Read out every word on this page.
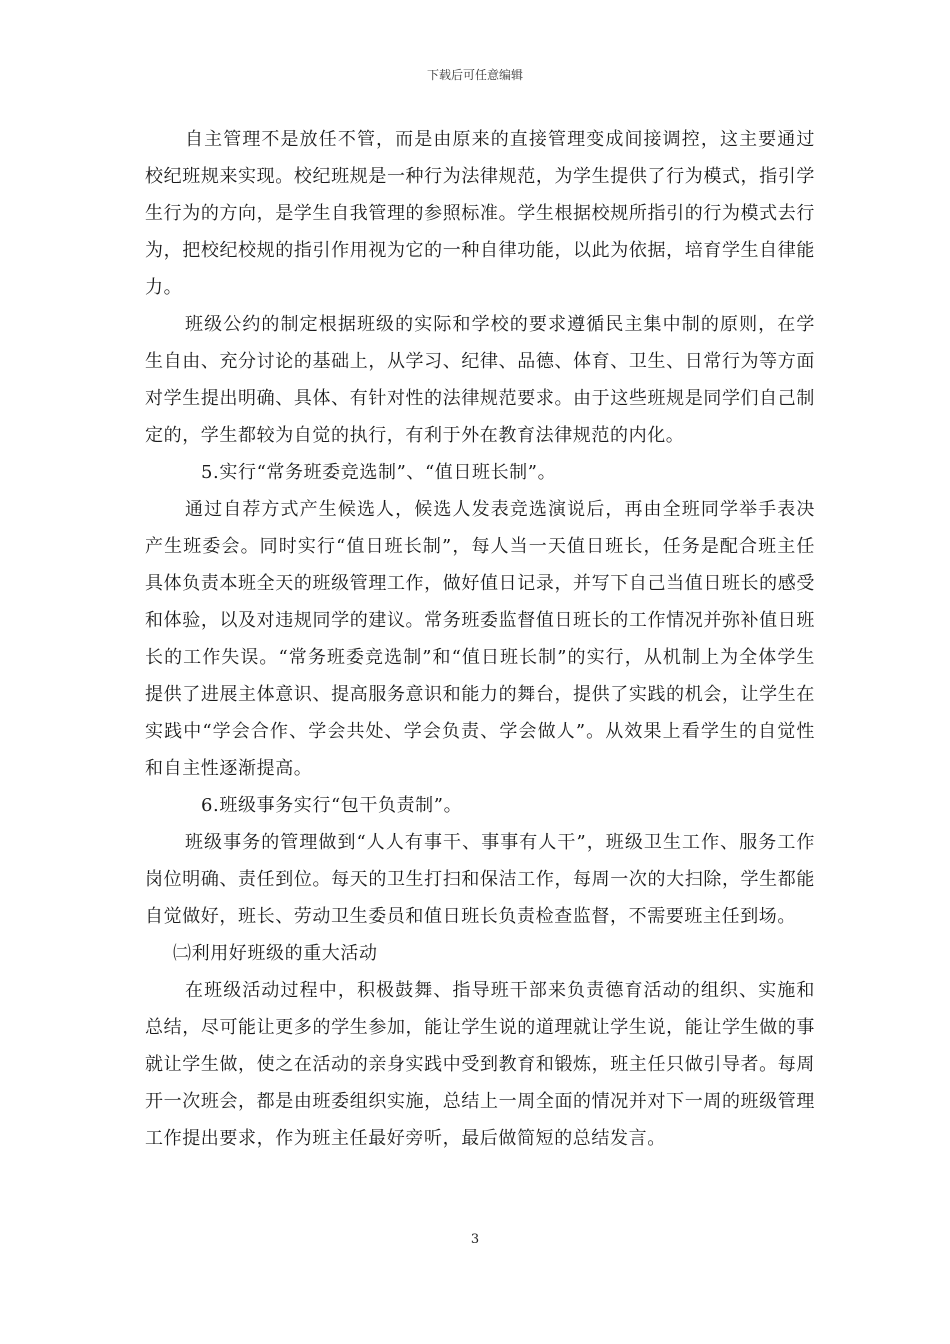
下载后可任意编辑

自主管理不是放任不管，而是由原来的直接管理变成间接调控，这主要通过校纪班规来实现。校纪班规是一种行为法律规范，为学生提供了行为模式，指引学生行为的方向，是学生自我管理的参照标准。学生根据校规所指引的行为模式去行为，把校纪校规的指引作用视为它的一种自律功能，以此为依据，培育学生自律能力。

班级公约的制定根据班级的实际和学校的要求遵循民主集中制的原则，在学生自由、充分讨论的基础上，从学习、纪律、品德、体育、卫生、日常行为等方面对学生提出明确、具体、有针对性的法律规范要求。由于这些班规是同学们自己制定的，学生都较为自觉的执行，有利于外在教育法律规范的内化。

5.实行“常务班委竞选制”、“值日班长制”。

通过自荐方式产生候选人，候选人发表竞选演说后，再由全班同学举手表决产生班委会。同时实行“值日班长制”，每人当一天值日班长，任务是配合班主任具体负责本班全天的班级管理工作，做好值日记录，并写下自己当值日班长的感受和体验，以及对违规同学的建议。常务班委监督值日班长的工作情况并弥补值日班长的工作失误。“常务班委竞选制”和“值日班长制”的实行，从机制上为全体学生提供了进展主体意识、提高服务意识和能力的舞台，提供了实践的机会，让学生在实践中“学会合作、学会共处、学会负责、学会做人”。从效果上看学生的自觉性和自主性逐渐提高。

6.班级事务实行“包干负责制”。

班级事务的管理做到“人人有事干、事事有人干”，班级卫生工作、服务工作岗位明确、责任到位。每天的卫生打扫和保洁工作，每周一次的大扫除，学生都能自觉做好，班长、劳动卫生委员和值日班长负责检查监督，不需要班主任到场。

㈡利用好班级的重大活动

在班级活动过程中，积极鼓舞、指导班干部来负责德育活动的组织、实施和总结，尽可能让更多的学生参加，能让学生说的道理就让学生说，能让学生做的事就让学生做，使之在活动的亲身实践中受到教育和锻炼，班主任只做引导者。每周开一次班会，都是由班委组织实施，总结上一周全面的情况并对下一周的班级管理工作提出要求，作为班主任最好旁听，最后做简短的总结发言。

3
